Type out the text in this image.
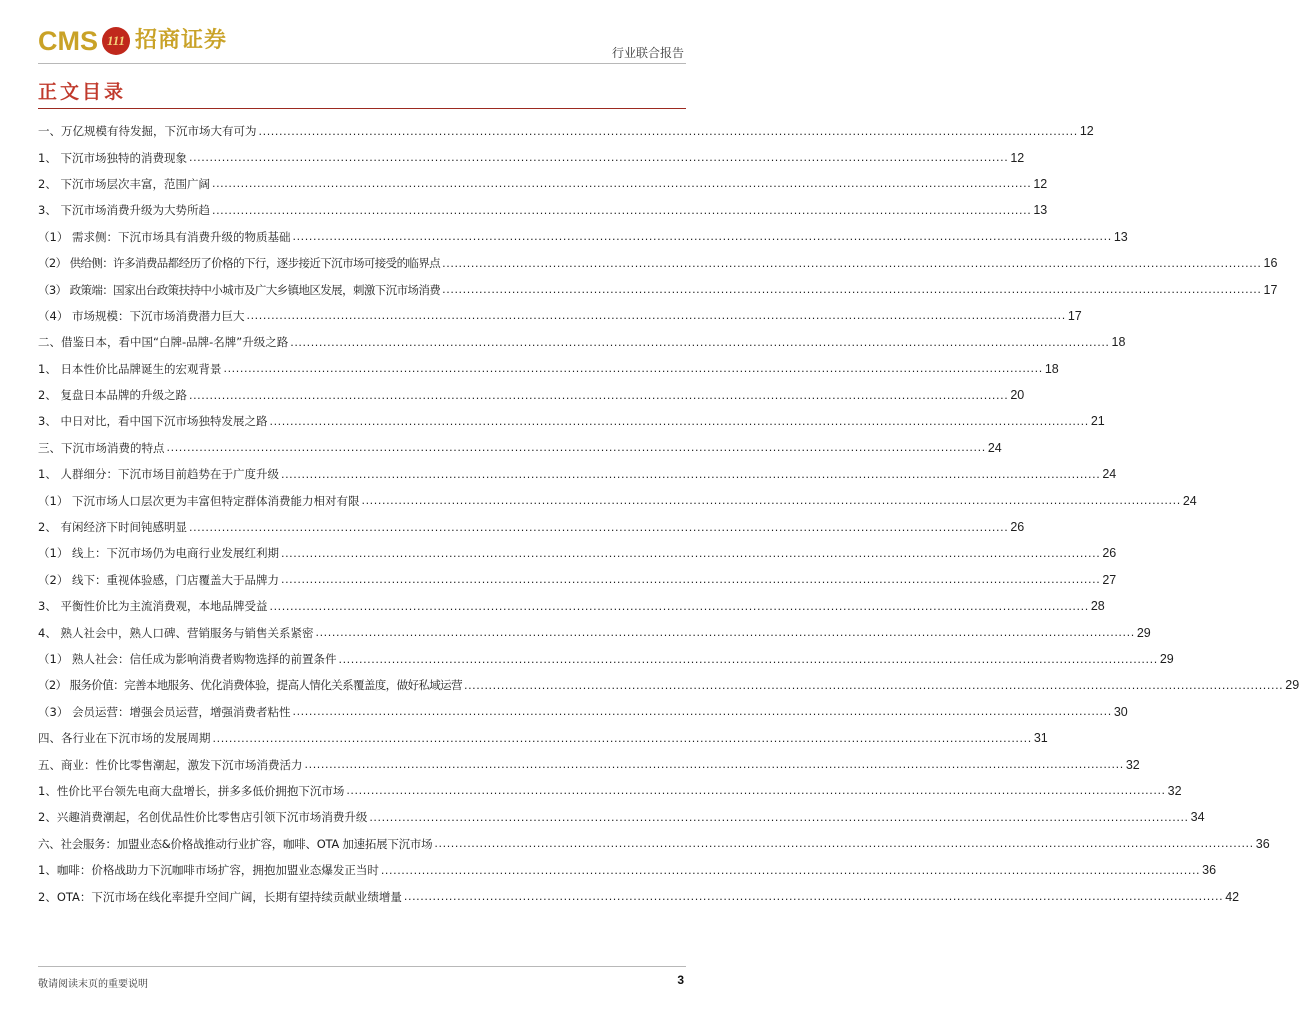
CMS 111 招商证券	行业联合报告
正文目录
一、万亿规模有待发掘，下沉市场大有可为 ........................................................................................................................................................................................................ 12
1、 下沉市场独特的消费现象 ........................................................................................................................................................................................................ 12
2、 下沉市场层次丰富，范围广阔 ........................................................................................................................................................................................................ 12
3、 下沉市场消费升级为大势所趋 ........................................................................................................................................................................................................ 13
（1） 需求侧：下沉市场具有消费升级的物质基础 ........................................................................................................................................................................................................ 13
（2） 供给侧：许多消费品都经历了价格的下行，逐步接近下沉市场可接受的临界点 ........................................................................................................................................................................................................ 16
（3） 政策端：国家出台政策扶持中小城市及广大乡镇地区发展，刺激下沉市场消费 ........................................................................................................................................................................................................ 17
（4） 市场规模：下沉市场消费潜力巨大 ........................................................................................................................................................................................................ 17
二、借鉴日本，看中国“白牌-品牌-名牌”升级之路 ........................................................................................................................................................................................................ 18
1、 日本性价比品牌诞生的宏观背景 ........................................................................................................................................................................................................ 18
2、 复盘日本品牌的升级之路 ........................................................................................................................................................................................................ 20
3、 中日对比，看中国下沉市场独特发展之路 ........................................................................................................................................................................................................ 21
三、下沉市场消费的特点 ........................................................................................................................................................................................................ 24
1、 人群细分：下沉市场目前趋势在于广度升级 ........................................................................................................................................................................................................ 24
（1） 下沉市场人口层次更为丰富但特定群体消费能力相对有限 ........................................................................................................................................................................................................ 24
2、 有闲经济下时间钝感明显 ........................................................................................................................................................................................................ 26
（1） 线上：下沉市场仍为电商行业发展红利期 ........................................................................................................................................................................................................ 26
（2） 线下：重视体验感，门店覆盖大于品牌力 ........................................................................................................................................................................................................ 27
3、 平衡性价比为主流消费观，本地品牌受益 ........................................................................................................................................................................................................ 28
4、 熟人社会中，熟人口碑、营销服务与销售关系紧密 ........................................................................................................................................................................................................ 29
（1） 熟人社会：信任成为影响消费者购物选择的前置条件 ........................................................................................................................................................................................................ 29
（2） 服务价值：完善本地服务、优化消费体验，提高人情化关系覆盖度，做好私域运营 ........................................................................................................................................................................................................ 29
（3） 会员运营：增强会员运营，增强消费者粘性 ........................................................................................................................................................................................................ 30
四、各行业在下沉市场的发展周期 ........................................................................................................................................................................................................ 31
五、商业：性价比零售潮起，激发下沉市场消费活力 ........................................................................................................................................................................................................ 32
1、性价比平台领先电商大盘增长，拼多多低价拥抱下沉市场 ........................................................................................................................................................................................................ 32
2、兴趣消费潮起，名创优品性价比零售店引领下沉市场消费升级 ........................................................................................................................................................................................................ 34
六、社会服务：加盟业态&价格战推动行业扩容，咖啡、OTA 加速拓展下沉市场 ........................................................................................................................................................................................................ 36
1、咖啡：价格战助力下沉咖啡市场扩容，拥抱加盟业态爆发正当时 ........................................................................................................................................................................................................ 36
2、OTA：下沉市场在线化率提升空间广阔，长期有望持续贡献业绩增量 ........................................................................................................................................................................................................ 42
敬请阅读末页的重要说明	3
